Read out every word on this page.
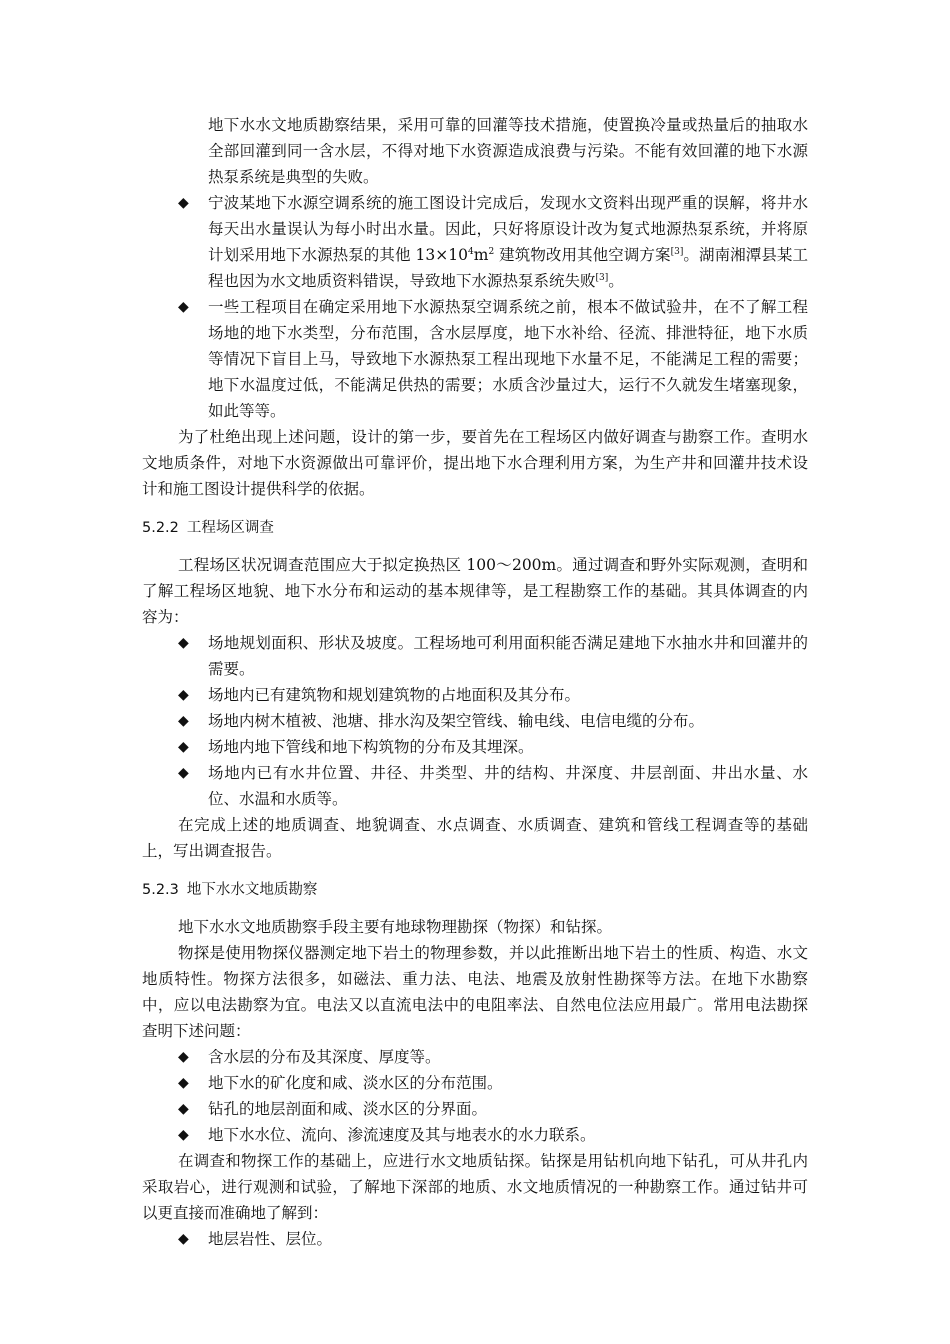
地下水水文地质勘察结果，采用可靠的回灌等技术措施，使置换冷量或热量后的抽取水全部回灌到同一含水层，不得对地下水资源造成浪费与污染。不能有效回灌的地下水源热泵系统是典型的失败。

◆	宁波某地下水源空调系统的施工图设计完成后，发现水文资料出现严重的误解，将井水每天出水量误认为每小时出水量。因此，只好将原设计改为复式地源热泵系统，并将原计划采用地下水源热泵的其他 $13\times 10^4m^2$ 建筑物改用其他空调方案[3]。湖南湘潭县某工程也因为水文地质资料错误，导致地下水源热泵系统失败[3]。

◆	一些工程项目在确定采用地下水源热泵空调系统之前，根本不做试验井，在不了解工程场地的地下水类型，分布范围，含水层厚度，地下水补给、径流、排泄特征，地下水质等情况下盲目上马，导致地下水源热泵工程出现地下水量不足，不能满足工程的需要；地下水温度过低，不能满足供热的需要；水质含沙量过大，运行不久就发生堵塞现象，如此等等。

为了杜绝出现上述问题，设计的第一步，要首先在工程场区内做好调查与勘察工作。查明水文地质条件，对地下水资源做出可靠评价，提出地下水合理利用方案，为生产井和回灌井技术设计和施工图设计提供科学的依据。

5.2.2 工程场区调查

工程场区状况调查范围应大于拟定换热区 100～200m。通过调查和野外实际观测，查明和了解工程场区地貌、地下水分布和运动的基本规律等，是工程勘察工作的基础。其具体调查的内容为：

◆	场地规划面积、形状及坡度。工程场地可利用面积能否满足建地下水抽水井和回灌井的需要。

◆	场地内已有建筑物和规划建筑物的占地面积及其分布。

◆	场地内树木植被、池塘、排水沟及架空管线、输电线、电信电缆的分布。

◆	场地内地下管线和地下构筑物的分布及其埋深。

◆	场地内已有水井位置、井径、井类型、井的结构、井深度、井层剖面、井出水量、水位、水温和水质等。

在完成上述的地质调查、地貌调查、水点调查、水质调查、建筑和管线工程调查等的基础上，写出调查报告。

5.2.3 地下水水文地质勘察

地下水水文地质勘察手段主要有地球物理勘探（物探）和钻探。

物探是使用物探仪器测定地下岩土的物理参数，并以此推断出地下岩土的性质、构造、水文地质特性。物探方法很多，如磁法、重力法、电法、地震及放射性勘探等方法。在地下水勘察中，应以电法勘察为宜。电法又以直流电法中的电阻率法、自然电位法应用最广。常用电法勘探查明下述问题：

◆	含水层的分布及其深度、厚度等。

◆	地下水的矿化度和咸、淡水区的分布范围。

◆	钻孔的地层剖面和咸、淡水区的分界面。

◆	地下水水位、流向、渗流速度及其与地表水的水力联系。

在调查和物探工作的基础上，应进行水文地质钻探。钻探是用钻机向地下钻孔，可从井孔内采取岩心，进行观测和试验，了解地下深部的地质、水文地质情况的一种勘察工作。通过钻井可以更直接而准确地了解到：

◆	地层岩性、层位。
